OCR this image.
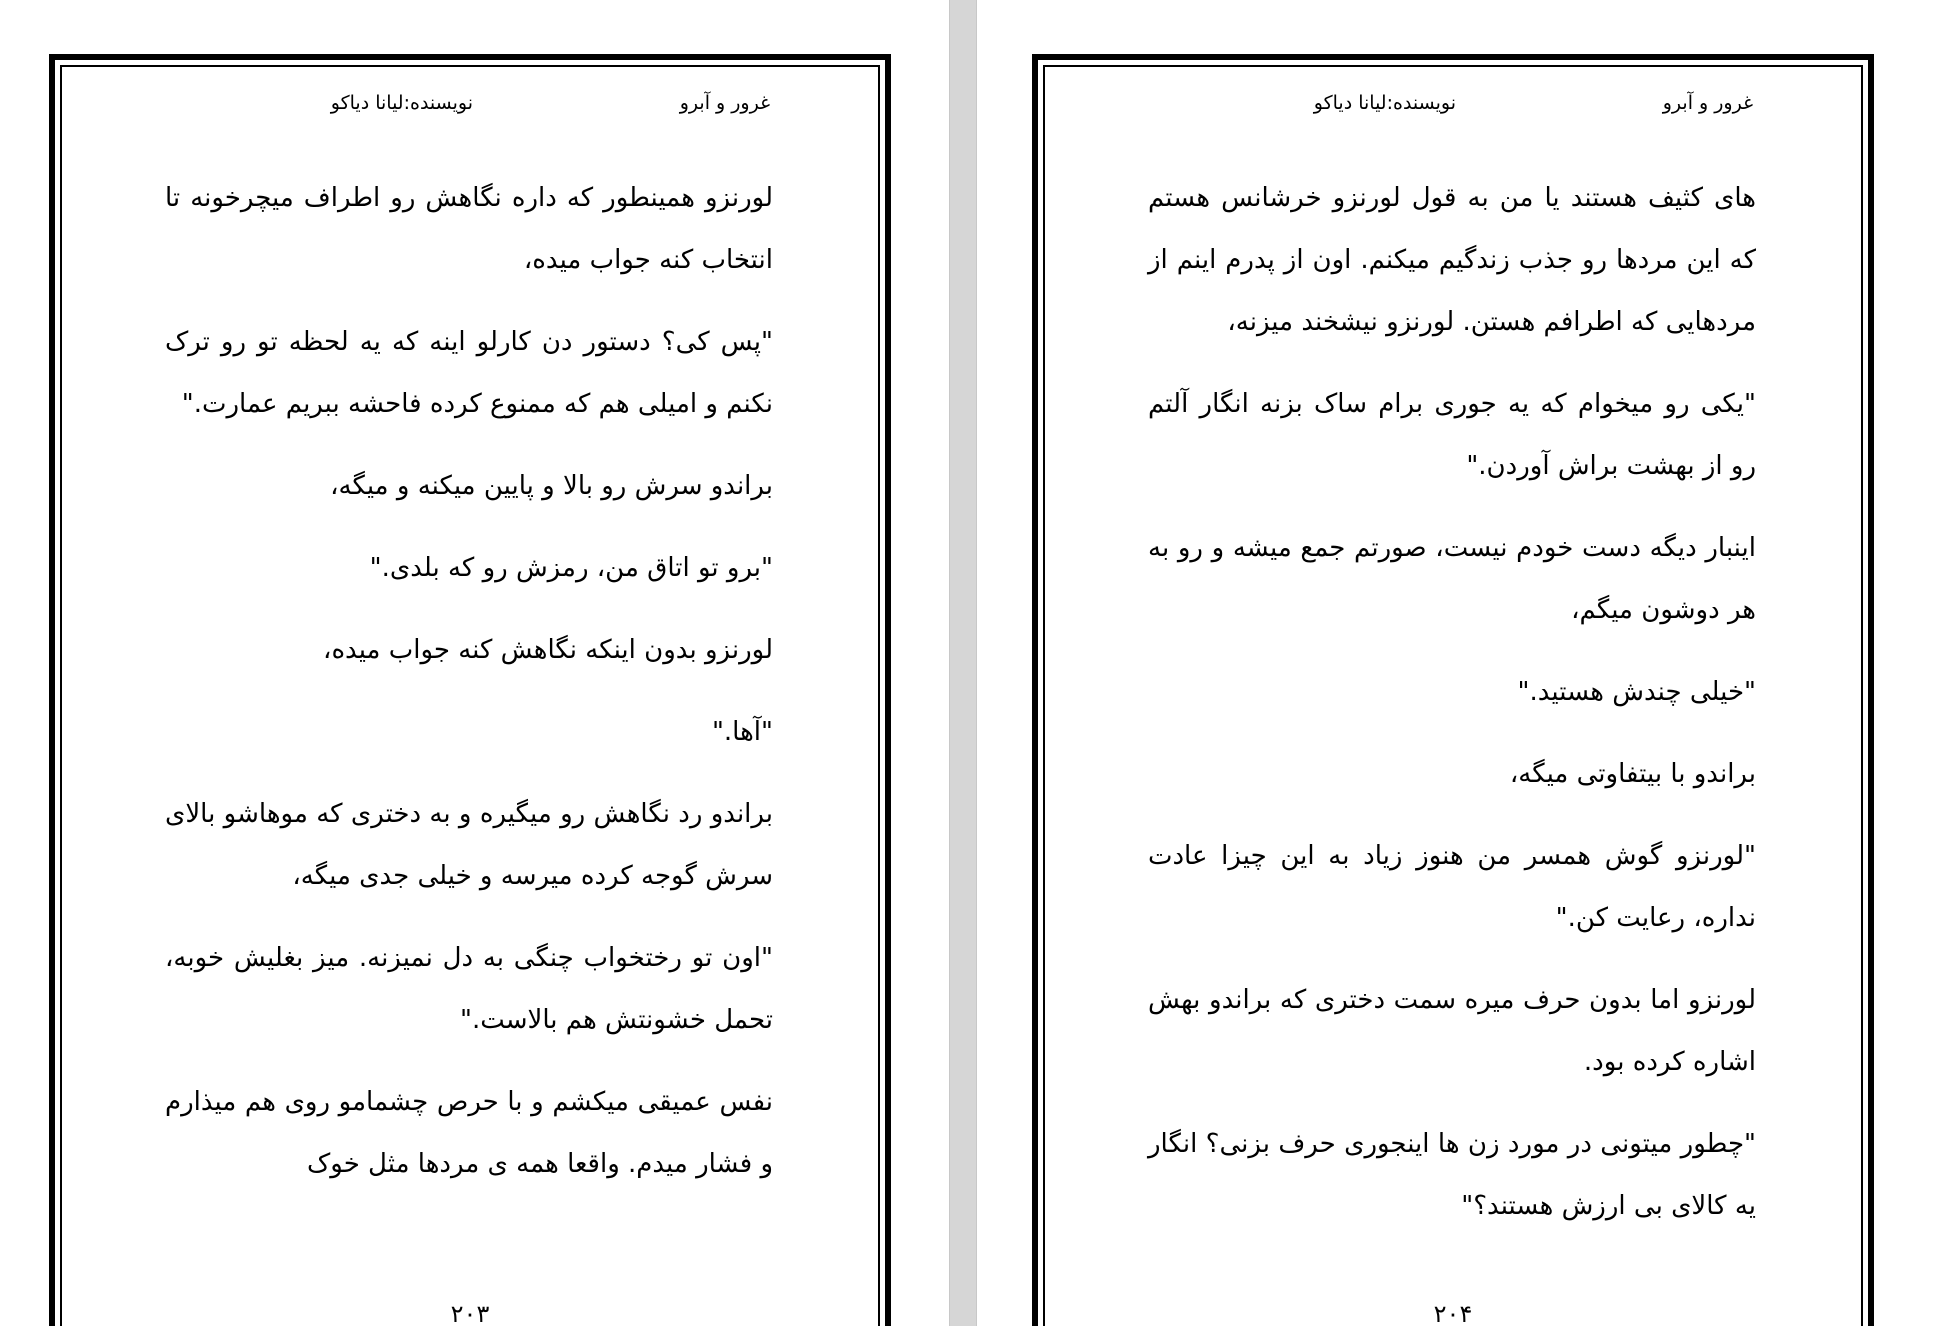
نویسنده:لیانا دیاکو	غرور و آبرو

لورنزو همینطور که داره نگاهش رو اطراف میچرخونه تا انتخاب کنه جواب میده،

"پس کی؟ دستور دن کارلو اینه که یه لحظه تو رو ترک نکنم و امیلی هم که ممنوع کرده فاحشه ببریم عمارت."

براندو سرش رو بالا و پایین میکنه و میگه،

"برو تو اتاق من، رمزش رو که بلدی."

لورنزو بدون اینکه نگاهش کنه جواب میده،

"آها."

براندو رد نگاهش رو میگیره و به دختری که موهاشو بالای سرش گوجه کرده میرسه و خیلی جدی میگه،

"اون تو رختخواب چنگی به دل نمیزنه. میز بغلیش خوبه، تحمل خشونتش هم بالاست."

نفس عمیقی میکشم و با حرص چشمامو روی هم میذارم و فشار میدم. واقعا همه ی مردها مثل خوک

۲۰۳
نویسنده:لیانا دیاکو	غرور و آبرو

های کثیف هستند یا من به قول لورنزو خرشانس هستم که این مردها رو جذب زندگیم میکنم. اون از پدرم اینم از مردهایی که اطرافم هستن. لورنزو نیشخند میزنه،

"یکی رو میخوام که یه جوری برام ساک بزنه انگار آلتم رو از بهشت براش آوردن."

اینبار دیگه دست خودم نیست، صورتم جمع میشه و رو به هر دوشون میگم،

"خیلی چندش هستید."

براندو با بیتفاوتی میگه،

"لورنزو گوش همسر من هنوز زیاد به این چیزا عادت نداره، رعایت کن."

لورنزو اما بدون حرف میره سمت دختری که براندو بهش اشاره کرده بود.

"چطور میتونی در مورد زن ها اینجوری حرف بزنی؟ انگار یه کالای بی ارزش هستند؟"

۲۰۴
